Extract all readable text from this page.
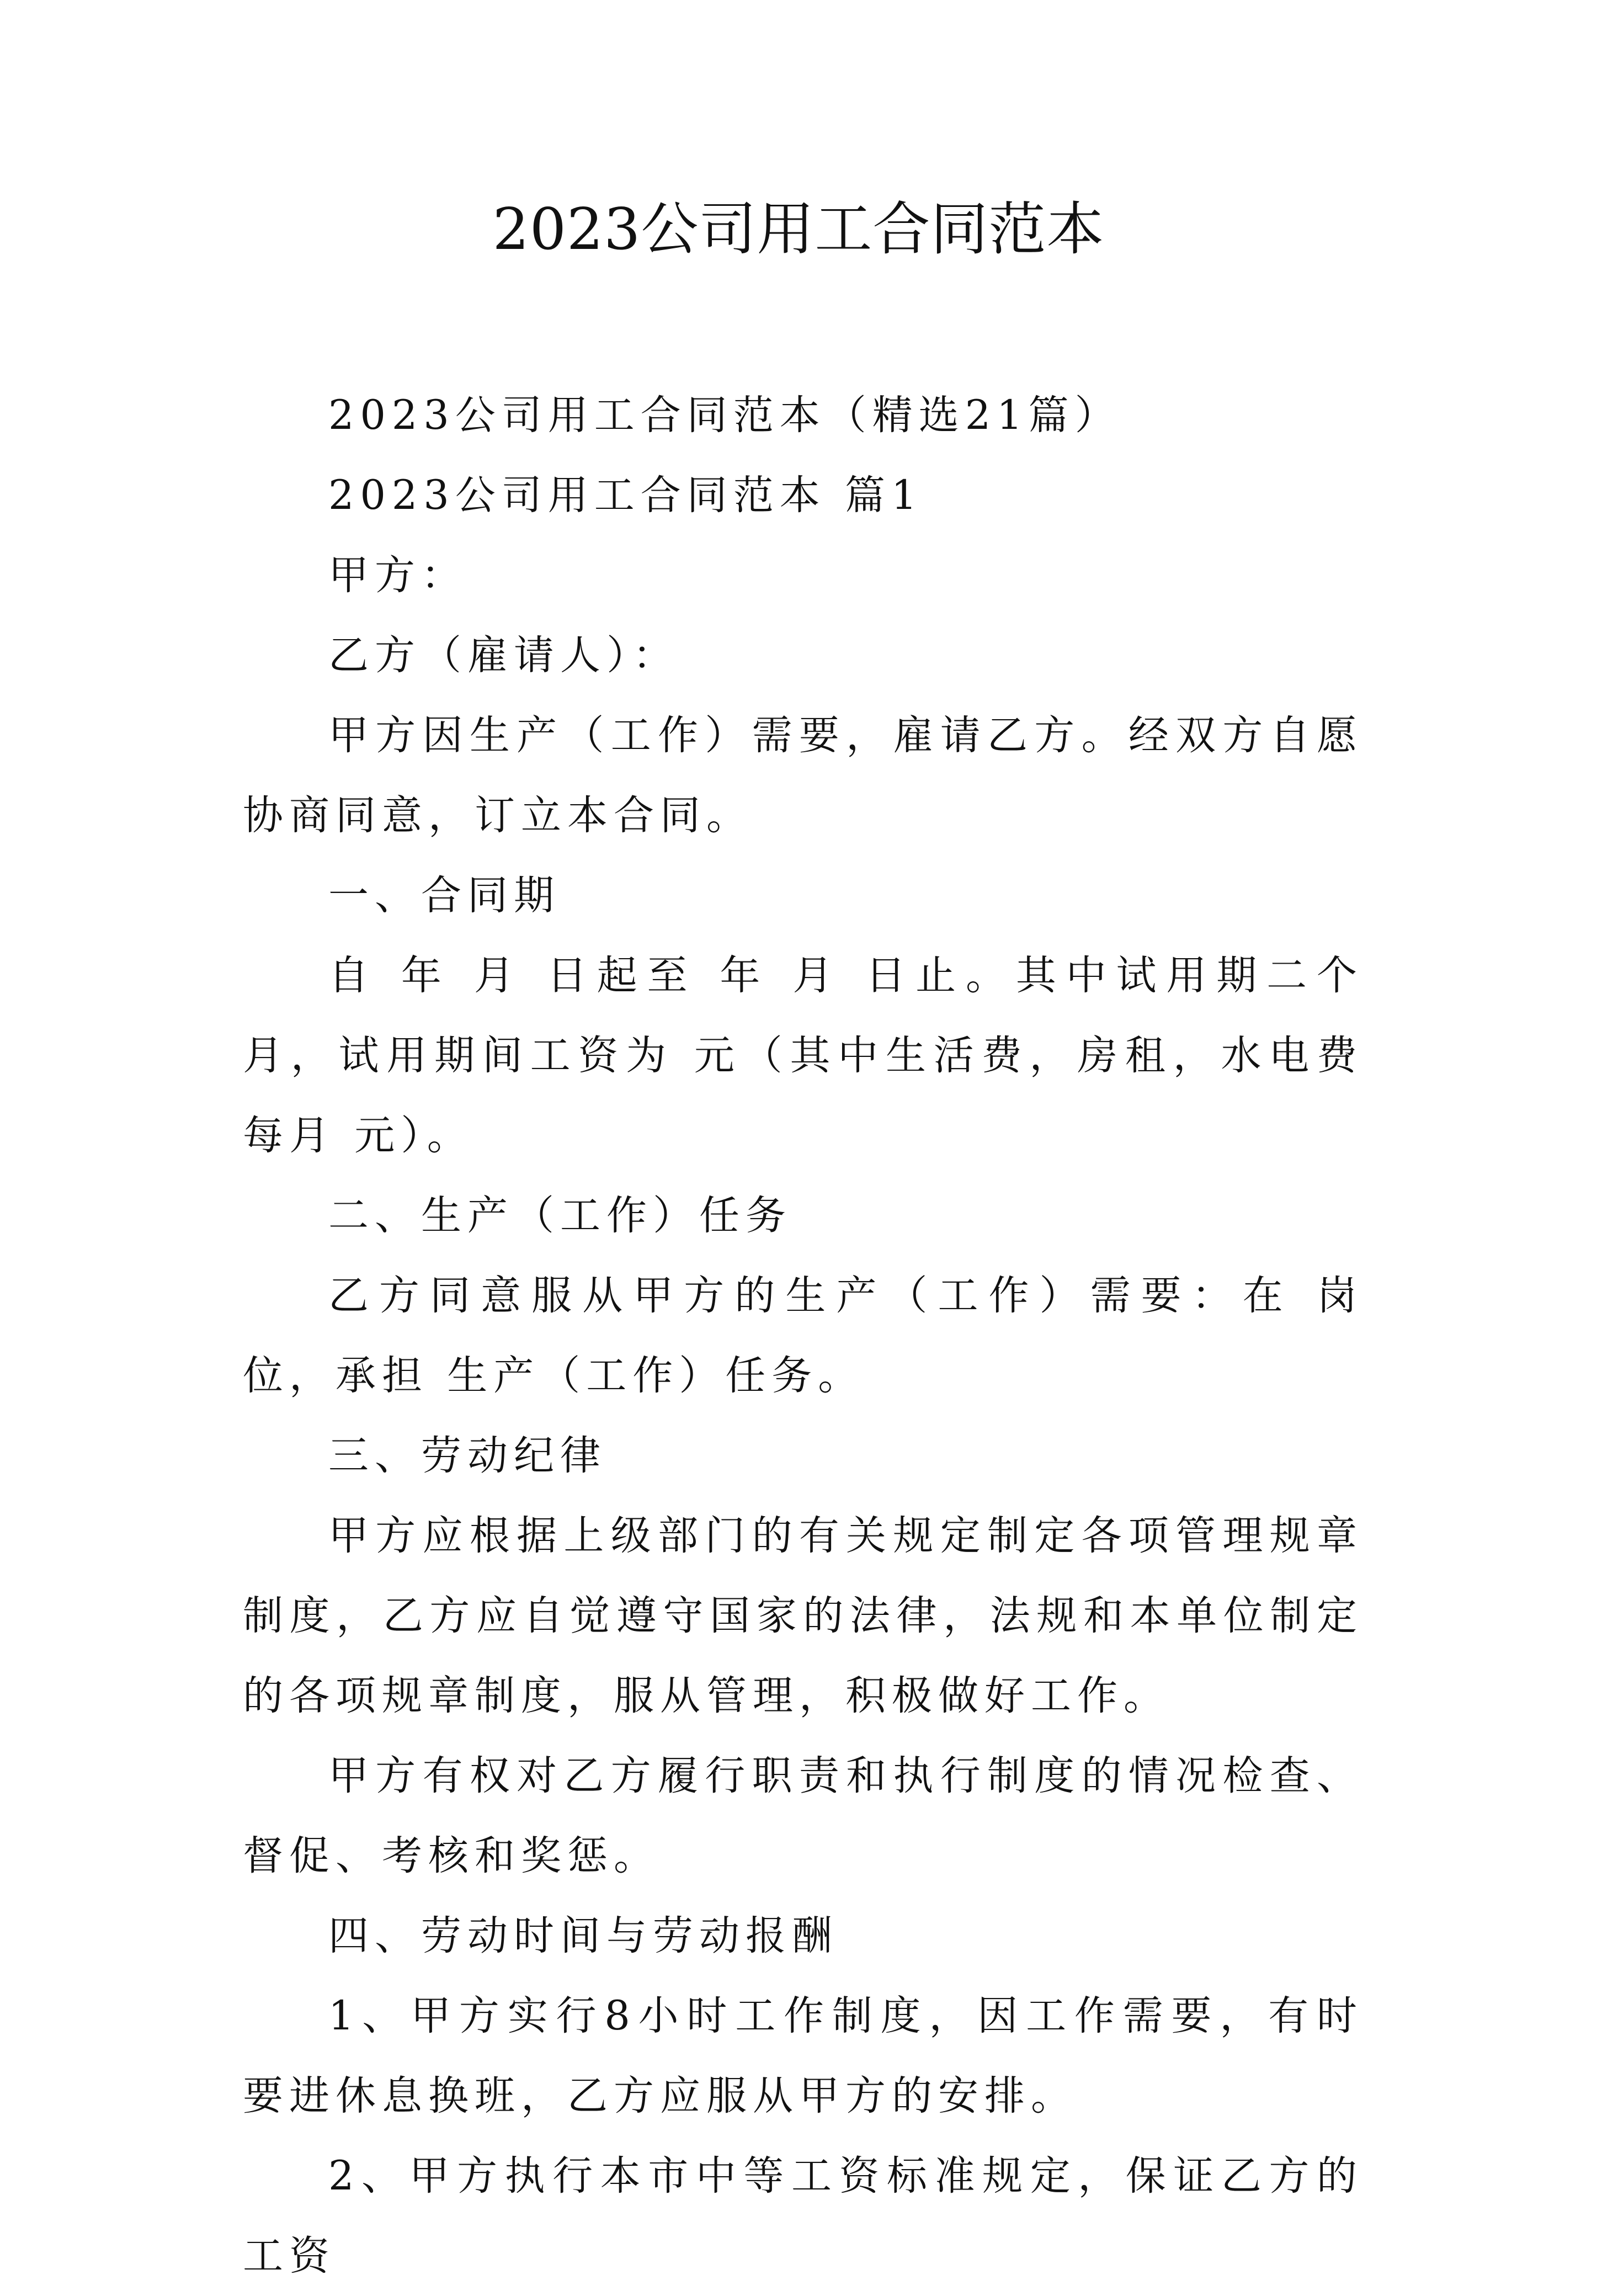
2023公司用工合同范本

2023公司用工合同范本（精选21篇）

2023公司用工合同范本 篇1

甲方：

乙方（雇请人）：

甲方因生产（工作）需要，雇请乙方。经双方自愿协商同意，订立本合同。

一、合同期

自 年 月 日起至 年 月 日止。其中试用期二个月，试用期间工资为 元（其中生活费，房租，水电费每月 元）。

二、生产（工作）任务

乙方同意服从甲方的生产（工作）需要：在 岗位，承担 生产（工作）任务。

三、劳动纪律

甲方应根据上级部门的有关规定制定各项管理规章制度，乙方应自觉遵守国家的法律，法规和本单位制定的各项规章制度，服从管理，积极做好工作。

甲方有权对乙方履行职责和执行制度的情况检查、督促、考核和奖惩。

四、劳动时间与劳动报酬

1、甲方实行8小时工作制度，因工作需要，有时要进休息换班，乙方应服从甲方的安排。

2、甲方执行本市中等工资标准规定，保证乙方的工资
